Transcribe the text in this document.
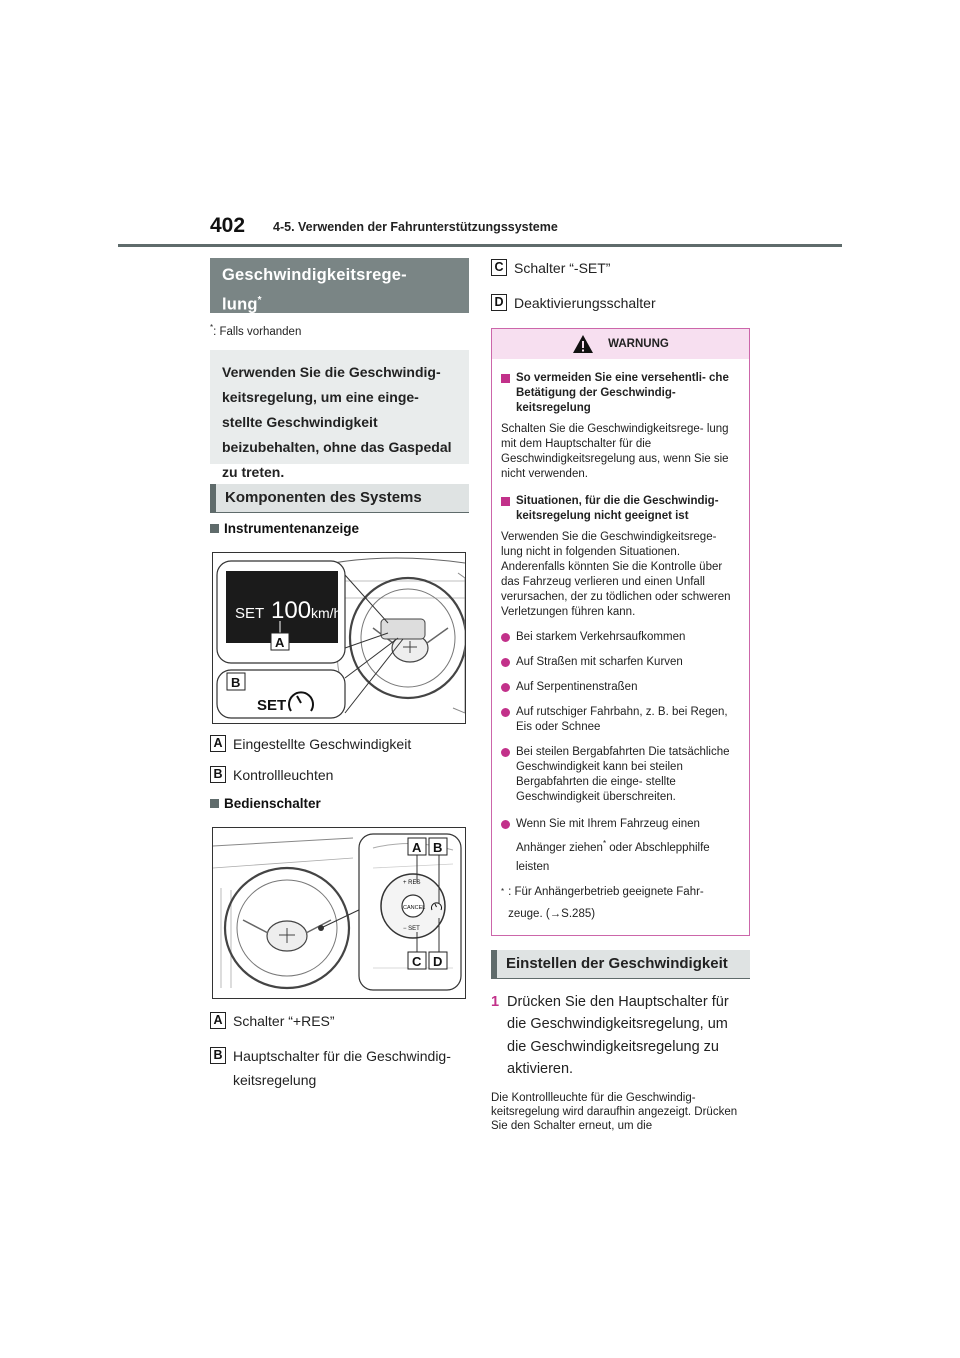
402 4-5. Verwenden der Fahrunterstützungssysteme
Geschwindigkeitsrege-
lung*
*: Falls vorhanden
Verwenden Sie die Geschwindig- keitsregelung, um eine einge- stellte Geschwindigkeit beizubehalten, ohne das Gaspedal zu treten.
Komponenten des Systems
Instrumentenanzeige
SET 100 km/h
A
B
SET
A Eingestellte Geschwindigkeit
B Kontrollleuchten
Bedienschalter
CANCEL
+ RES
− SET
A B
C D
A Schalter “+RES”
B Hauptschalter für die Geschwindig- keitsregelung
C Schalter “-SET”
D Deaktivierungsschalter
WARNUNG
So vermeiden Sie eine versehentli- che Betätigung der Geschwindig- keitsregelung
Schalten Sie die Geschwindigkeitsrege- lung mit dem Hauptschalter für die Geschwindigkeitsregelung aus, wenn Sie sie nicht verwenden.
Situationen, für die die Geschwindig- keitsregelung nicht geeignet ist
Verwenden Sie die Geschwindigkeitsrege- lung nicht in folgenden Situationen. Anderenfalls könnten Sie die Kontrolle über das Fahrzeug verlieren und einen Unfall verursachen, der zu tödlichen oder schweren Verletzungen führen kann.
Bei starkem Verkehrsaufkommen
Auf Straßen mit scharfen Kurven
Auf Serpentinenstraßen
Auf rutschiger Fahrbahn, z. B. bei Regen, Eis oder Schnee
Bei steilen Bergabfahrten Die tatsächliche Geschwindigkeit kann bei steilen Bergabfahrten die einge- stellte Geschwindigkeit überschreiten.
Wenn Sie mit Ihrem Fahrzeug einen Anhänger ziehen* oder Abschlepphilfe leisten
* : Für Anhängerbetrieb geeignete Fahr- zeuge. (→S.285)
Einstellen der Geschwindigkeit
1 Drücken Sie den Hauptschalter für die Geschwindigkeitsregelung, um die Geschwindigkeitsregelung zu aktivieren.
Die Kontrollleuchte für die Geschwindig- keitsregelung wird daraufhin angezeigt. Drücken Sie den Schalter erneut, um die
